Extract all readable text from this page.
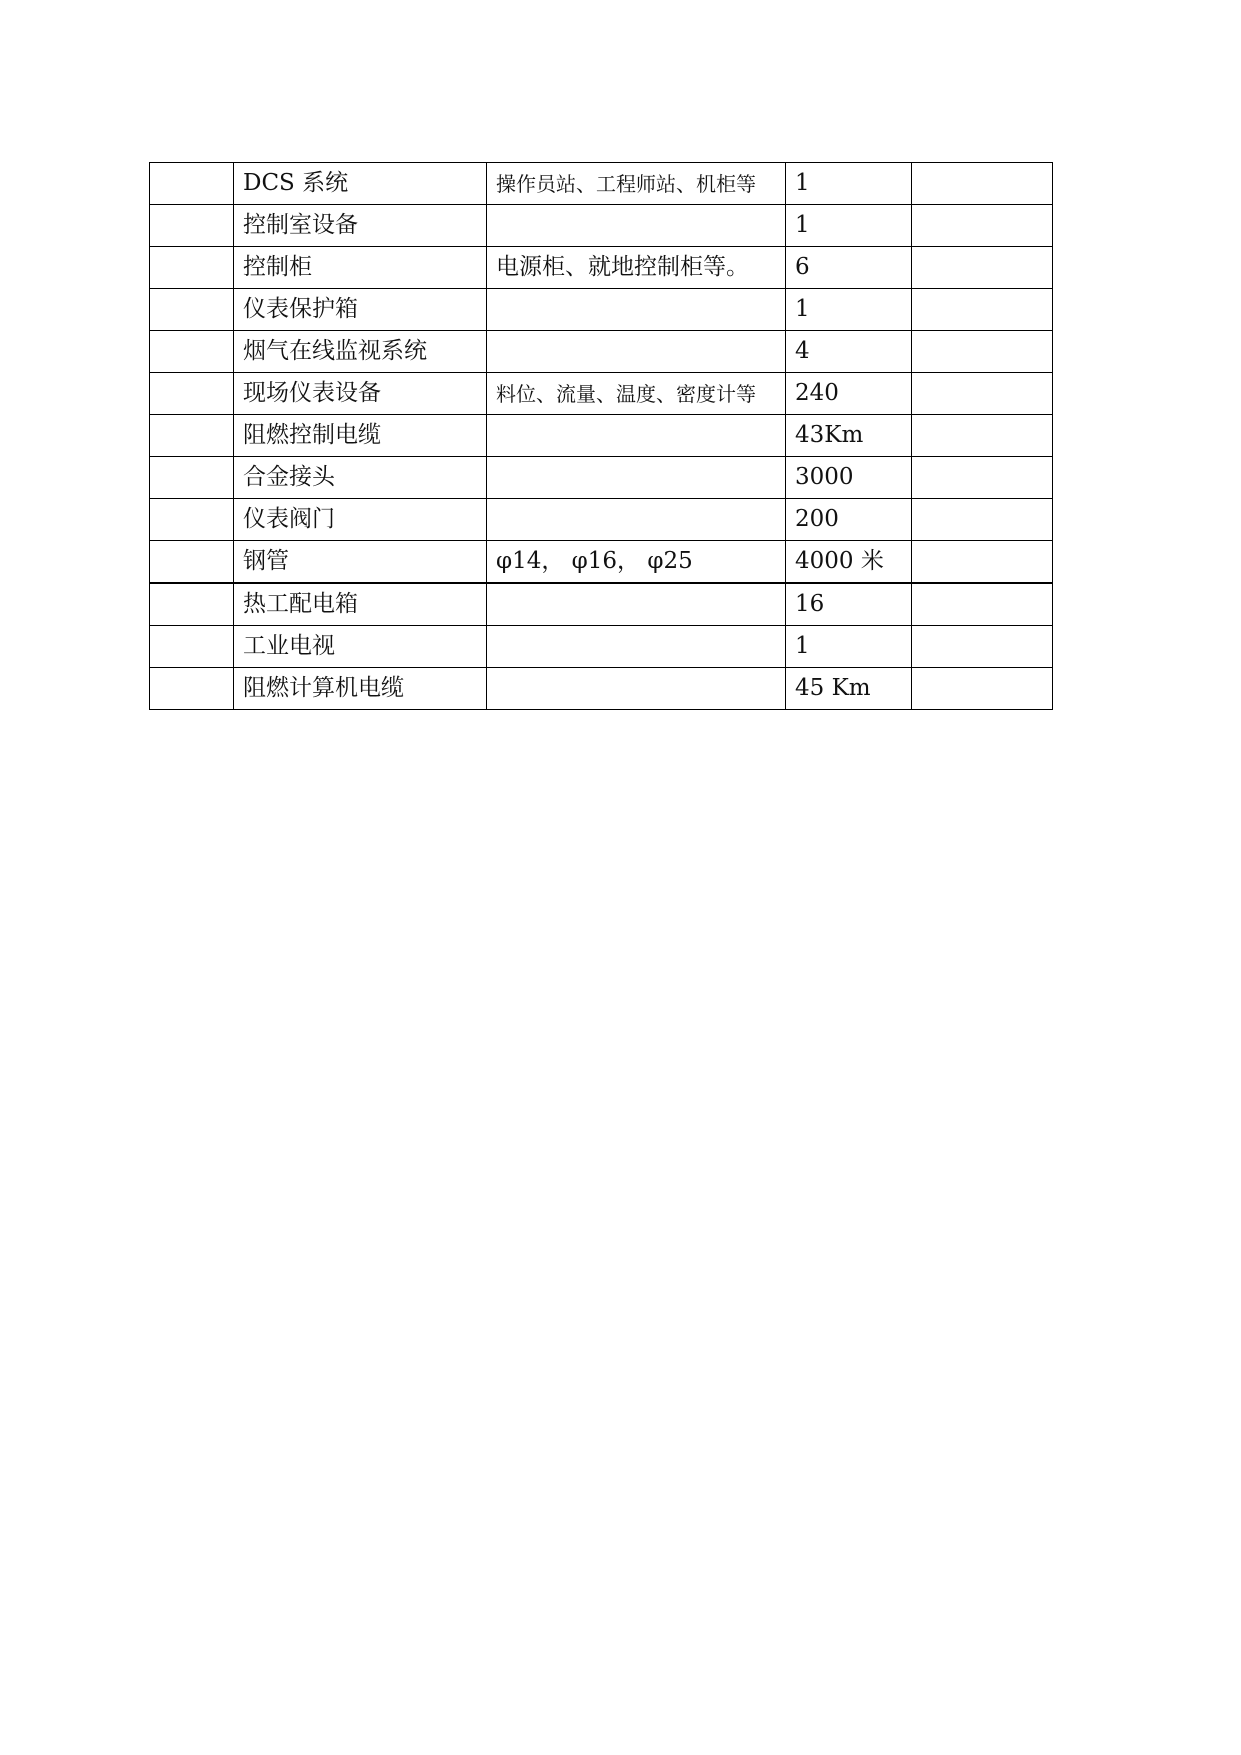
	DCS 系统	操作员站、工程师站、机柜等	1	
	控制室设备		1	
	控制柜	电源柜、就地控制柜等。	6	
	仪表保护箱		1	
	烟气在线监视系统		4	
	现场仪表设备	料位、流量、温度、密度计等	240	
	阻燃控制电缆		43Km	
	合金接头		3000	
	仪表阀门		200	
	钢管	φ14， φ16， φ25	4000 米	
	热工配电箱		16	
	工业电视		1	
	阻燃计算机电缆		45 Km	
